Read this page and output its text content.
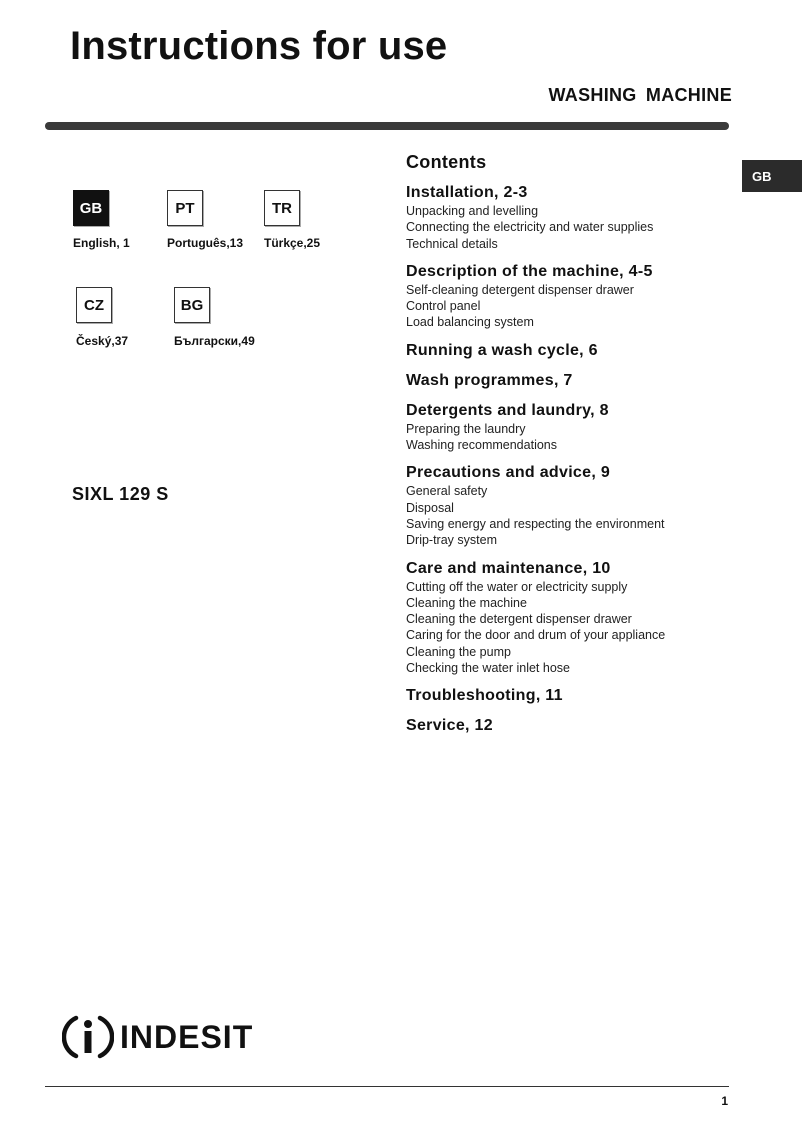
Instructions for use
WASHING MACHINE
GB
GB
English, 1
PT
Português,13
TR
Türkçe,25
CZ
Český,37
BG
Български,49
SIXL 129 S
Contents
Installation, 2-3
Unpacking and levelling
Connecting the electricity and water supplies
Technical details
Description of the machine, 4-5
Self-cleaning detergent dispenser drawer
Control panel
Load balancing system
Running a wash cycle, 6
Wash programmes, 7
Detergents and laundry, 8
Preparing the laundry
Washing recommendations
Precautions and advice, 9
General safety
Disposal
Saving energy and respecting the environment
Drip-tray system
Care and maintenance, 10
Cutting off the water or electricity supply
Cleaning the machine
Cleaning the detergent dispenser drawer
Caring for the door and drum of your appliance
Cleaning the pump
Checking the water inlet hose
Troubleshooting, 11
Service, 12
INDESIT
1
